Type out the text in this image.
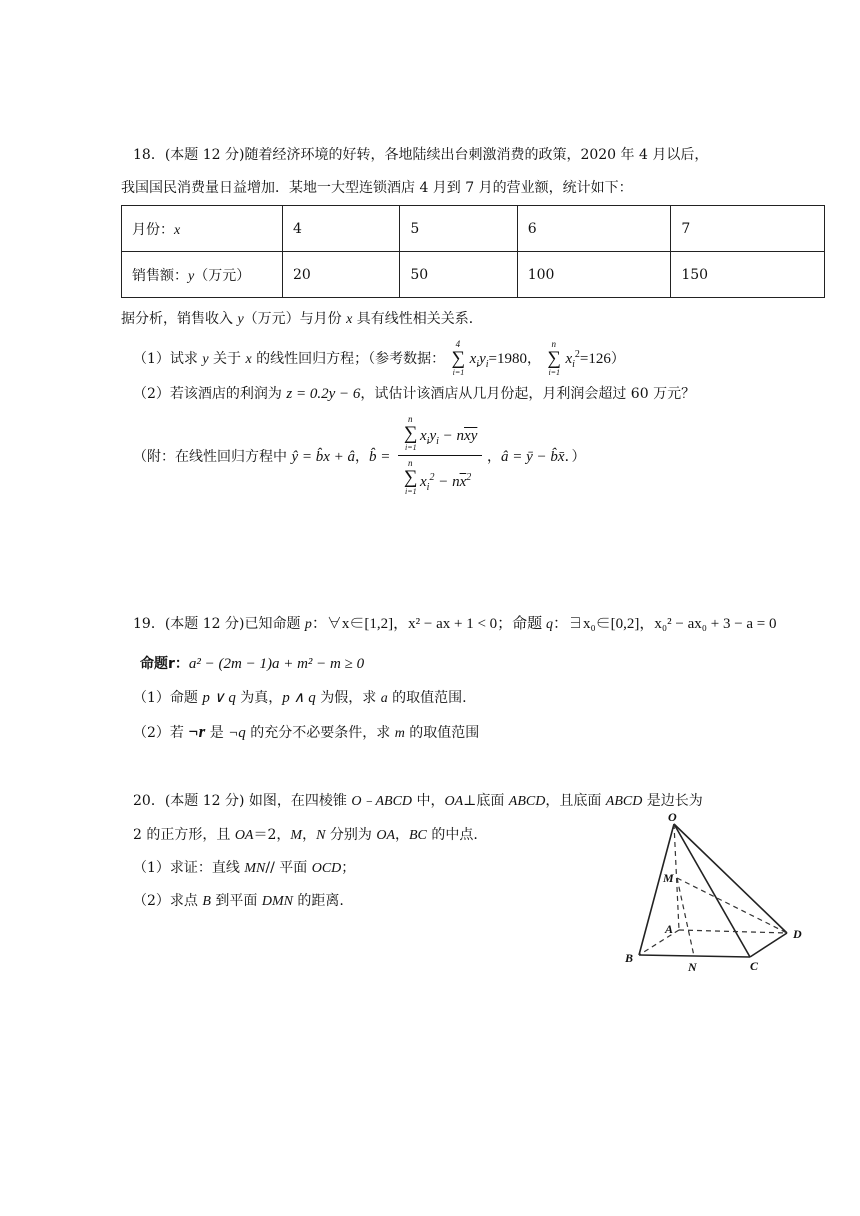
18．(本题 12 分)随着经济环境的好转，各地陆续出台刺激消费的政策，2020 年 4 月以后，
我国国民消费量日益增加．某地一大型连锁酒店 4 月到 7 月的营业额，统计如下：
月份：x	4	5	6	7
销售额：y（万元）	20	50	100	150
据分析，销售收入 y（万元）与月份 x 具有线性相关关系．
（1）试求 y 关于 x 的线性回归方程；（参考数据：
4
∑
i=1
$x_iy_i=1980$，
n
∑
i=1
$x_i^2=126$）
（2）若该酒店的利润为 z = 0.2y − 6，试估计该酒店从几月份起，月利润会超过 60 万元？
（附：在线性回归方程中 ŷ = b̂x + â，b̂ =
n
∑
i=1
$x_iy_i - n\overline{xy}$
n
∑
i=1
$x_i^2 - n\overline{x}^2$
，â = ȳ − b̂x̄．）
19．(本题 12 分)已知命题 p：∀x∈[1,2]，x² − ax + 1 < 0；命题 q：∃x₀∈[0,2]，x₀² − ax₀ + 3 − a = 0
命题r：a² − (2m − 1)a + m² − m ≥ 0
（1）命题 p ∨ q 为真，p ∧ q 为假，求 a 的取值范围.
（2）若 ¬r 是 ¬q 的充分不必要条件，求 m 的取值范围
20．(本题 12 分) 如图，在四棱锥 O﹣ABCD 中，OA⊥底面 ABCD，且底面 ABCD 是边长为
2 的正方形，且 OA＝2，M，N 分别为 OA，BC 的中点.
（1）求证：直线 MN// 平面 OCD；
（2）求点 B 到平面 DMN 的距离.
O
M
A
B
N	C
D
